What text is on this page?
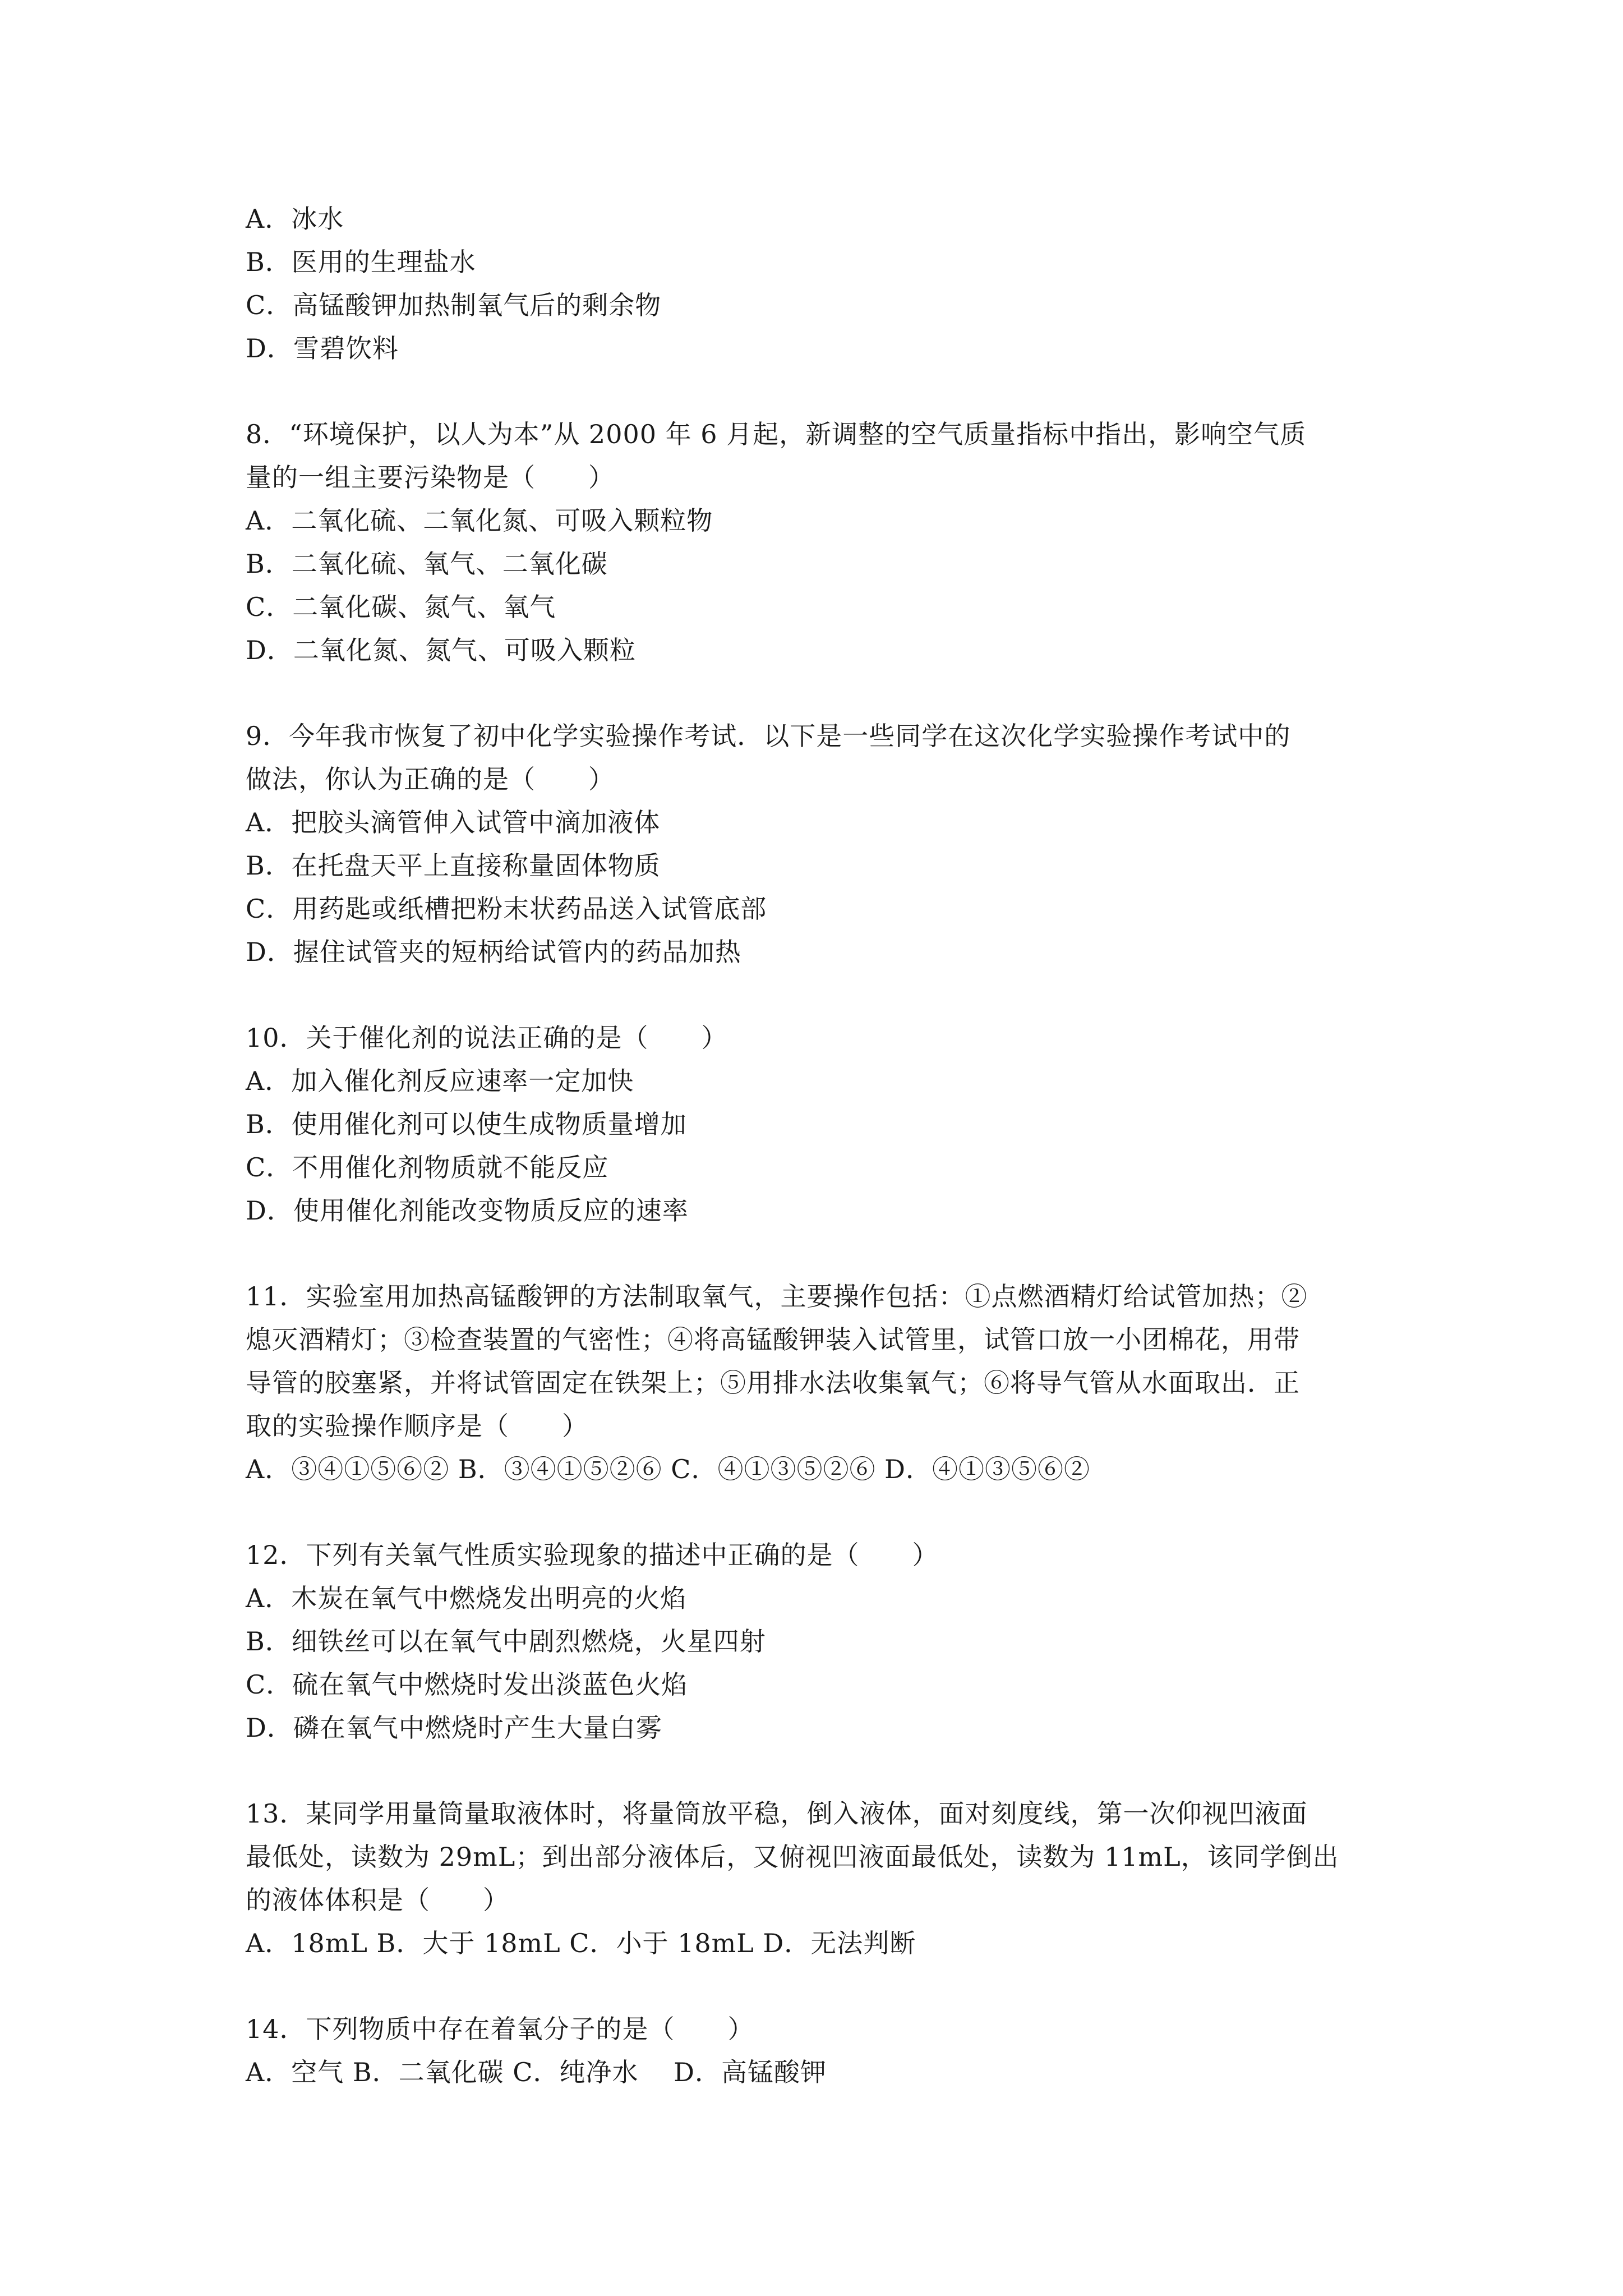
A．冰水
B．医用的生理盐水
C．高锰酸钾加热制氧气后的剩余物
D．雪碧饮料
8．“环境保护，以人为本”从 2000 年 6 月起，新调整的空气质量指标中指出，影响空气质
量的一组主要污染物是（　　）
A．二氧化硫、二氧化氮、可吸入颗粒物
B．二氧化硫、氧气、二氧化碳
C．二氧化碳、氮气、氧气
D．二氧化氮、氮气、可吸入颗粒
9．今年我市恢复了初中化学实验操作考试．以下是一些同学在这次化学实验操作考试中的
做法，你认为正确的是（　　）
A．把胶头滴管伸入试管中滴加液体
B．在托盘天平上直接称量固体物质
C．用药匙或纸槽把粉末状药品送入试管底部
D．握住试管夹的短柄给试管内的药品加热
10．关于催化剂的说法正确的是（　　）
A．加入催化剂反应速率一定加快
B．使用催化剂可以使生成物质量增加
C．不用催化剂物质就不能反应
D．使用催化剂能改变物质反应的速率
11．实验室用加热高锰酸钾的方法制取氧气，主要操作包括：①点燃酒精灯给试管加热；②
熄灭酒精灯；③检查装置的气密性；④将高锰酸钾装入试管里，试管口放一小团棉花，用带
导管的胶塞紧，并将试管固定在铁架上；⑤用排水法收集氧气；⑥将导气管从水面取出．正
取的实验操作顺序是（　　）
A．③④①⑤⑥② B．③④①⑤②⑥ C．④①③⑤②⑥ D．④①③⑤⑥②
12．下列有关氧气性质实验现象的描述中正确的是（　　）
A．木炭在氧气中燃烧发出明亮的火焰
B．细铁丝可以在氧气中剧烈燃烧，火星四射
C．硫在氧气中燃烧时发出淡蓝色火焰
D．磷在氧气中燃烧时产生大量白雾
13．某同学用量筒量取液体时，将量筒放平稳，倒入液体，面对刻度线，第一次仰视凹液面
最低处，读数为 29mL；到出部分液体后，又俯视凹液面最低处，读数为 11mL，该同学倒出
的液体体积是（　　）
A．18mL B．大于 18mL C．小于 18mL D．无法判断
14．下列物质中存在着氧分子的是（　　）
A．空气 B．二氧化碳 C．纯净水　 D．高锰酸钾
